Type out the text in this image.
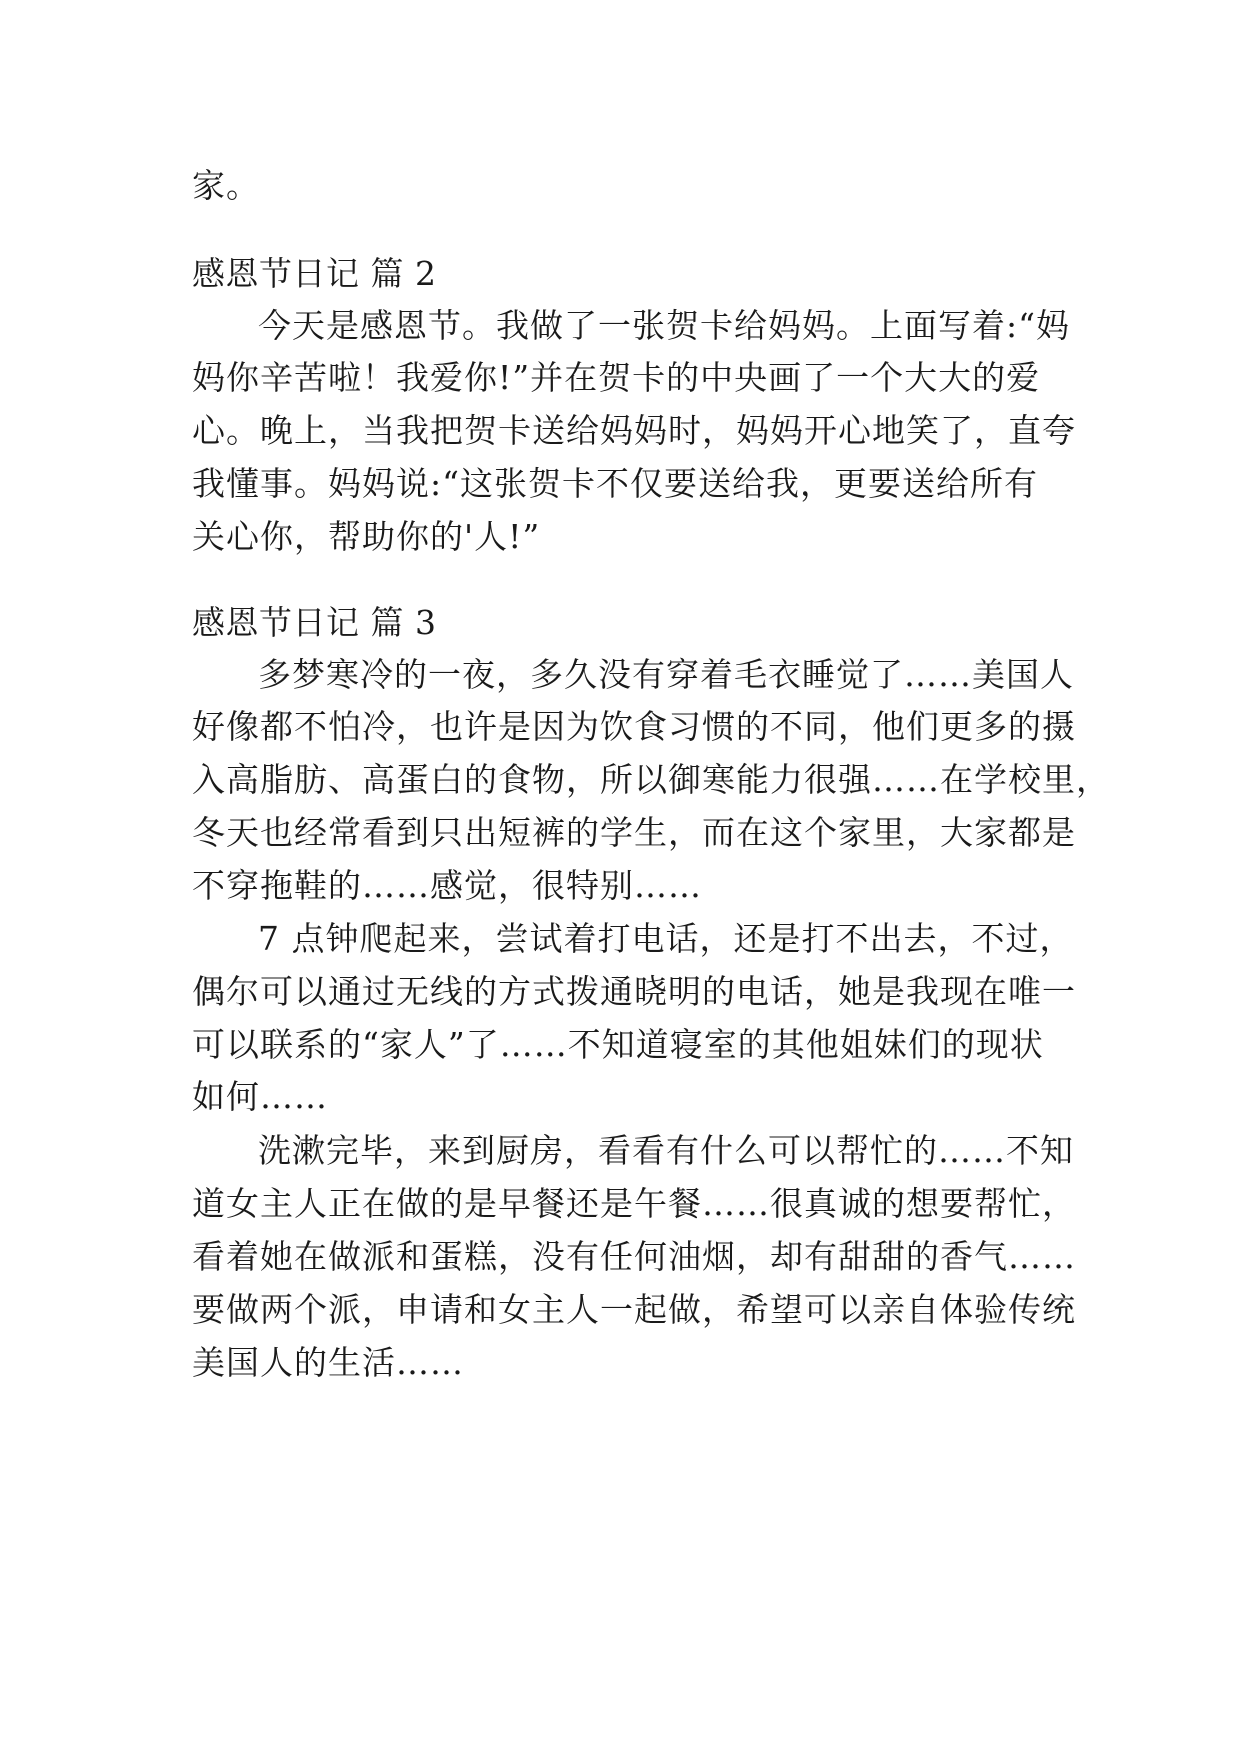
家。
感恩节日记 篇 2
今天是感恩节。我做了一张贺卡给妈妈。上面写着:“妈
妈你辛苦啦！我爱你!”并在贺卡的中央画了一个大大的爱
心。晚上，当我把贺卡送给妈妈时，妈妈开心地笑了，直夸
我懂事。妈妈说:“这张贺卡不仅要送给我，更要送给所有
关心你，帮助你的'人!”
感恩节日记 篇 3
多梦寒冷的一夜，多久没有穿着毛衣睡觉了……美国人
好像都不怕冷，也许是因为饮食习惯的不同，他们更多的摄
入高脂肪、高蛋白的食物，所以御寒能力很强……在学校里，
冬天也经常看到只出短裤的学生，而在这个家里，大家都是
不穿拖鞋的……感觉，很特别……
7 点钟爬起来，尝试着打电话，还是打不出去，不过，
偶尔可以通过无线的方式拨通晓明的电话，她是我现在唯一
可以联系的“家人”了……不知道寝室的其他姐妹们的现状
如何……
洗漱完毕，来到厨房，看看有什么可以帮忙的……不知
道女主人正在做的是早餐还是午餐……很真诚的想要帮忙，
看着她在做派和蛋糕，没有任何油烟，却有甜甜的香气……
要做两个派，申请和女主人一起做，希望可以亲自体验传统
美国人的生活……
